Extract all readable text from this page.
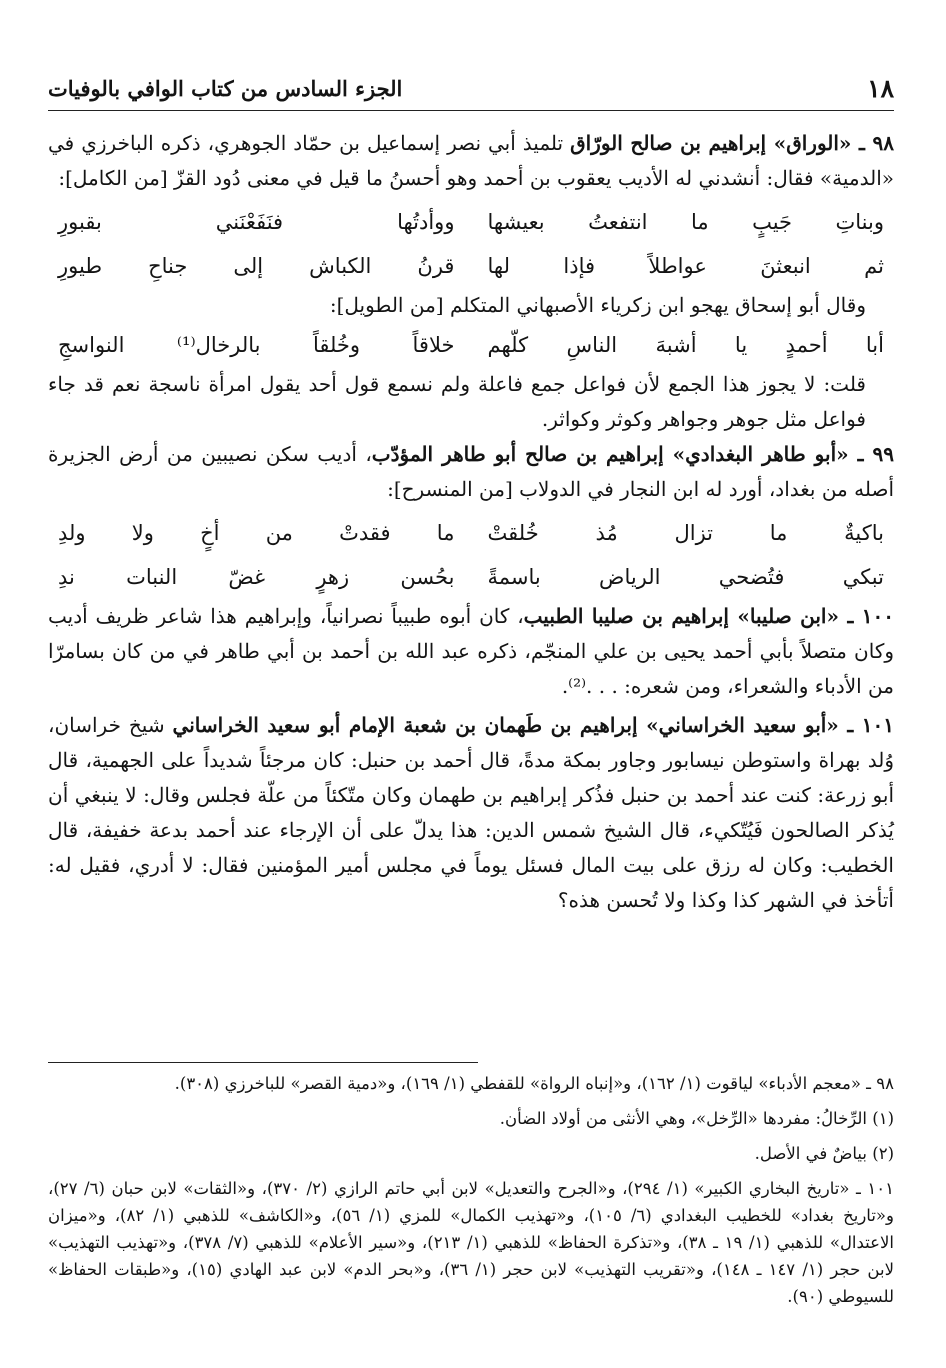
١٨
الجزء السادس من كتاب الوافي بالوفيات

٩٨ ـ «الوراق» إبراهيم بن صالح الورّاق تلميذ أبي نصر إسماعيل بن حمّاد الجوهري، ذكره الباخرزي في «الدمية» فقال: أنشدني له الأديب يعقوب بن أحمد وهو أحسنُ ما قيل في معنى دُود القزّ [من الكامل]:

وبناتِ جَيبٍ ما انتفعتُ بعيشها
ووأدتُها فنَفَعْنَني بقبورِ
ثم انبعثنَ عواطلاً فإذا لها
قرنُ الكباش إلى جناحِ طيورِ

وقال أبو إسحاق يهجو ابن زكرياء الأصبهاني المتكلم [من الطويل]:

أبا أحمدٍ يا أشبهَ الناسِ كلّهم
خلاقاً وخُلقاً بالرخال⁽¹⁾ النواسجِ

قلت: لا يجوز هذا الجمع لأن فواعل جمع فاعلة ولم نسمع قول أحد يقول امرأة ناسجة نعم قد جاء فواعل مثل جوهر وجواهر وكوثر وكواثر.

٩٩ ـ «أبو طاهر البغدادي» إبراهيم بن صالح أبو طاهر المؤدّب، أديب سكن نصيبين من أرض الجزيرة أصله من بغداد، أورد له ابن النجار في الدولاب [من المنسرح]:

باكيةٌ ما تزال مُذ خُلقتْ
ما فقدتْ من أخٍ ولا ولدِ
تبكي فتُضحي الرياض باسمةً
بحُسن زهرٍ غضّ النبات ندِ

١٠٠ ـ «ابن صليبا» إبراهيم بن صليبا الطبيب، كان أبوه طبيباً نصرانياً، وإبراهيم هذا شاعر ظريف أديب وكان متصلاً بأبي أحمد يحيى بن علي المنجّم، ذكره عبد الله بن أحمد بن أبي طاهر في من كان بسامرّا من الأدباء والشعراء، ومن شعره: . . .⁽²⁾.

١٠١ ـ «أبو سعيد الخراساني» إبراهيم بن طَهمان بن شعبة الإمام أبو سعيد الخراساني شيخ خراسان، وُلد بهراة واستوطن نيسابور وجاور بمكة مدةً، قال أحمد بن حنبل: كان مرجئاً شديداً على الجهمية، قال أبو زرعة: كنت عند أحمد بن حنبل فذُكر إبراهيم بن طهمان وكان متّكئاً من علّة فجلس وقال: لا ينبغي أن يُذكر الصالحون فَيُتّكيء، قال الشيخ شمس الدين: هذا يدلّ على أن الإرجاء عند أحمد بدعة خفيفة، قال الخطيب: وكان له رزق على بيت المال فسئل يوماً في مجلس أمير المؤمنين فقال: لا أدري، فقيل له: أتأخذ في الشهر كذا وكذا ولا تُحسن هذه؟

٩٨ ـ «معجم الأدباء» لياقوت (١/ ١٦٢)، و«إنباه الرواة» للقفطي (١/ ١٦٩)، و«دمية القصر» للباخرزي (٣٠٨).

(١) الرِّخالُ: مفردها «الرِّخل»، وهي الأنثى من أولاد الضأن.

(٢) بياضٌ في الأصل.

١٠١ ـ «تاريخ البخاري الكبير» (١/ ٢٩٤)، و«الجرح والتعديل» لابن أبي حاتم الرازي (٢/ ٣٧٠)، و«الثقات» لابن حبان (٦/ ٢٧)، و«تاريخ بغداد» للخطيب البغدادي (٦/ ١٠٥)، و«تهذيب الكمال» للمزي (١/ ٥٦)، و«الكاشف» للذهبي (١/ ٨٢)، و«ميزان الاعتدال» للذهبي (١/ ١٩ ـ ٣٨)، و«تذكرة الحفاظ» للذهبي (١/ ٢١٣)، و«سير الأعلام» للذهبي (٧/ ٣٧٨)، و«تهذيب التهذيب» لابن حجر (١/ ١٤٧ ـ ١٤٨)، و«تقريب التهذيب» لابن حجر (١/ ٣٦)، و«بحر الدم» لابن عبد الهادي (١٥)، و«طبقات الحفاظ» للسيوطي (٩٠).
